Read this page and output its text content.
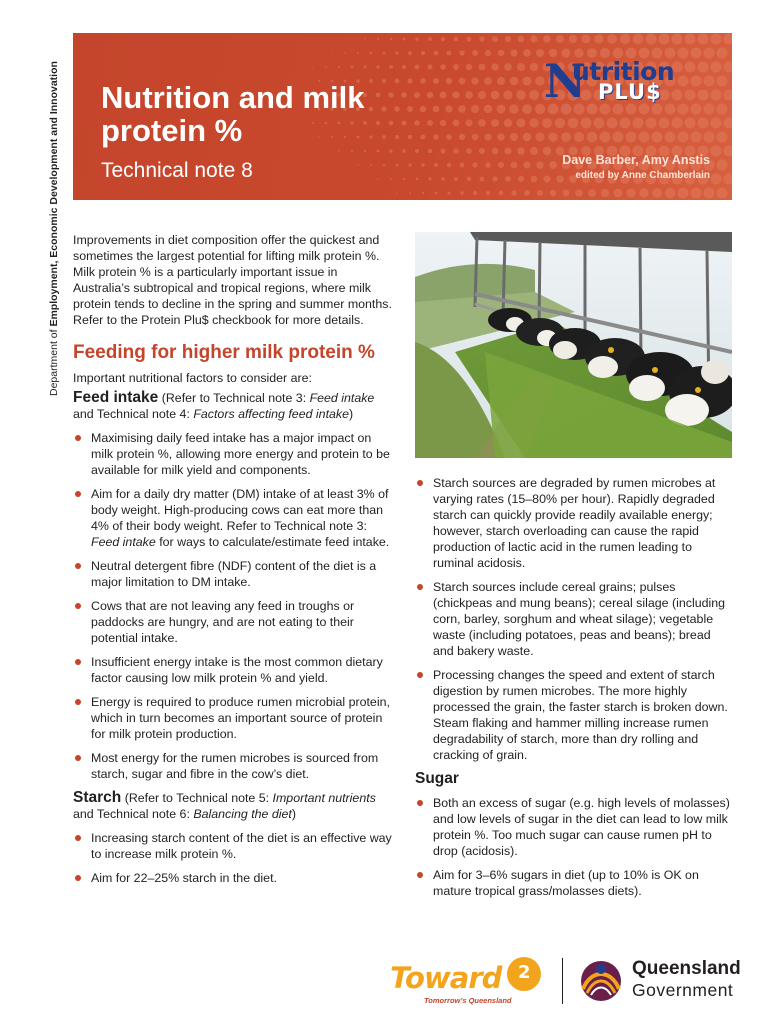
Department of Employment, Economic Development and Innovation Nutrition and milk
protein %
Technical note 8
N
utrition
PLU$
Dave Barber, Amy Anstis
edited by Anne Chamberlain

Improvements in diet composition offer the quickest and sometimes the largest potential for lifting milk protein %. Milk protein % is a particularly important issue in Australia’s subtropical and tropical regions, where milk protein tends to decline in the spring and summer months. Refer to the Protein Plu$ checkbook for more details.

Feeding for higher milk protein %

Important nutritional factors to consider are:

Feed intake (Refer to Technical note 3: Feed intake and Technical note 4: Factors affecting feed intake)

Maximising daily feed intake has a major impact on milk protein %, allowing more energy and protein to be available for milk yield and components.
Aim for a daily dry matter (DM) intake of at least 3% of body weight. High-producing cows can eat more than 4% of their body weight. Refer to Technical note 3: Feed intake for ways to calculate/estimate feed intake.
Neutral detergent fibre (NDF) content of the diet is a major limitation to DM intake.
Cows that are not leaving any feed in troughs or paddocks are hungry, and are not eating to their potential intake.
Insufficient energy intake is the most common dietary factor causing low milk protein % and yield.
Energy is required to produce rumen microbial protein, which in turn becomes an important source of protein for milk protein production.
Most energy for the rumen microbes is sourced from starch, sugar and fibre in the cow’s diet.

Starch (Refer to Technical note 5: Important nutrients and Technical note 6: Balancing the diet)

Increasing starch content of the diet is an effective way to increase milk protein %.
Aim for 22–25% starch in the diet.
Starch sources are degraded by rumen microbes at varying rates (15–80% per hour). Rapidly degraded starch can quickly provide readily available energy; however, starch overloading can cause the rapid production of lactic acid in the rumen leading to ruminal acidosis.
Starch sources include cereal grains; pulses (chickpeas and mung beans); cereal silage (including corn, barley, sorghum and wheat silage); vegetable waste (including potatoes, peas and beans); bread and bakery waste.
Processing changes the speed and extent of starch digestion by rumen microbes. The more highly processed the grain, the faster starch is broken down. Steam flaking and hammer milling increase rumen degradability of starch, more than dry rolling and cracking of grain.
Sugar
Both an excess of sugar (e.g. high levels of molasses) and low levels of sugar in the diet can lead to low milk protein %. Too much sugar can cause rumen pH to drop (acidosis).
Aim for 3–6% sugars in diet (up to 10% is OK on mature tropical grass/molasses diets).
Toward 2
Tomorrow’s Queensland
Queensland
Government
